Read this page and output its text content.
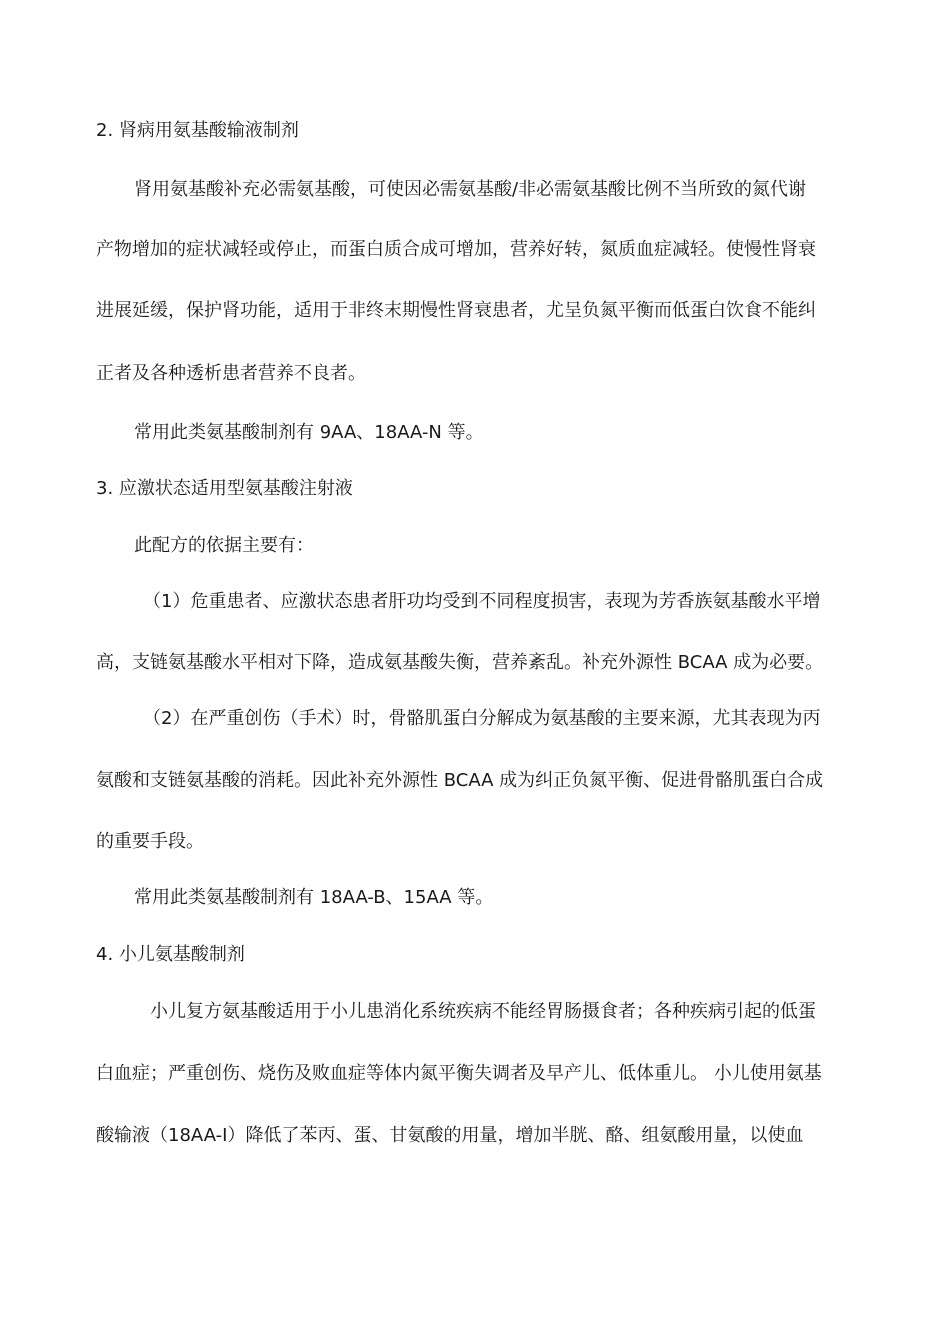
2. 肾病用氨基酸输液制剂
肾用氨基酸补充必需氨基酸，可使因必需氨基酸/非必需氨基酸比例不当所致的氮代谢
产物增加的症状减轻或停止，而蛋白质合成可增加，营养好转，氮质血症减轻。使慢性肾衰
进展延缓，保护肾功能，适用于非终末期慢性肾衰患者，尤呈负氮平衡而低蛋白饮食不能纠
正者及各种透析患者营养不良者。
常用此类氨基酸制剂有 9AA、18AA-N 等。
3. 应激状态适用型氨基酸注射液
此配方的依据主要有：
（1）危重患者、应激状态患者肝功均受到不同程度损害，表现为芳香族氨基酸水平增
高，支链氨基酸水平相对下降，造成氨基酸失衡，营养紊乱。补充外源性 BCAA 成为必要。
（2）在严重创伤（手术）时，骨骼肌蛋白分解成为氨基酸的主要来源，尤其表现为丙
氨酸和支链氨基酸的消耗。因此补充外源性 BCAA 成为纠正负氮平衡、促进骨骼肌蛋白合成
的重要手段。
常用此类氨基酸制剂有 18AA-B、15AA 等。
4. 小儿氨基酸制剂
小儿复方氨基酸适用于小儿患消化系统疾病不能经胃肠摄食者；各种疾病引起的低蛋
白血症；严重创伤、烧伤及败血症等体内氮平衡失调者及早产儿、低体重儿。 小儿使用氨基
酸输液（18AA-Ⅰ）降低了苯丙、蛋、甘氨酸的用量，增加半胱、酪、组氨酸用量，以使血
